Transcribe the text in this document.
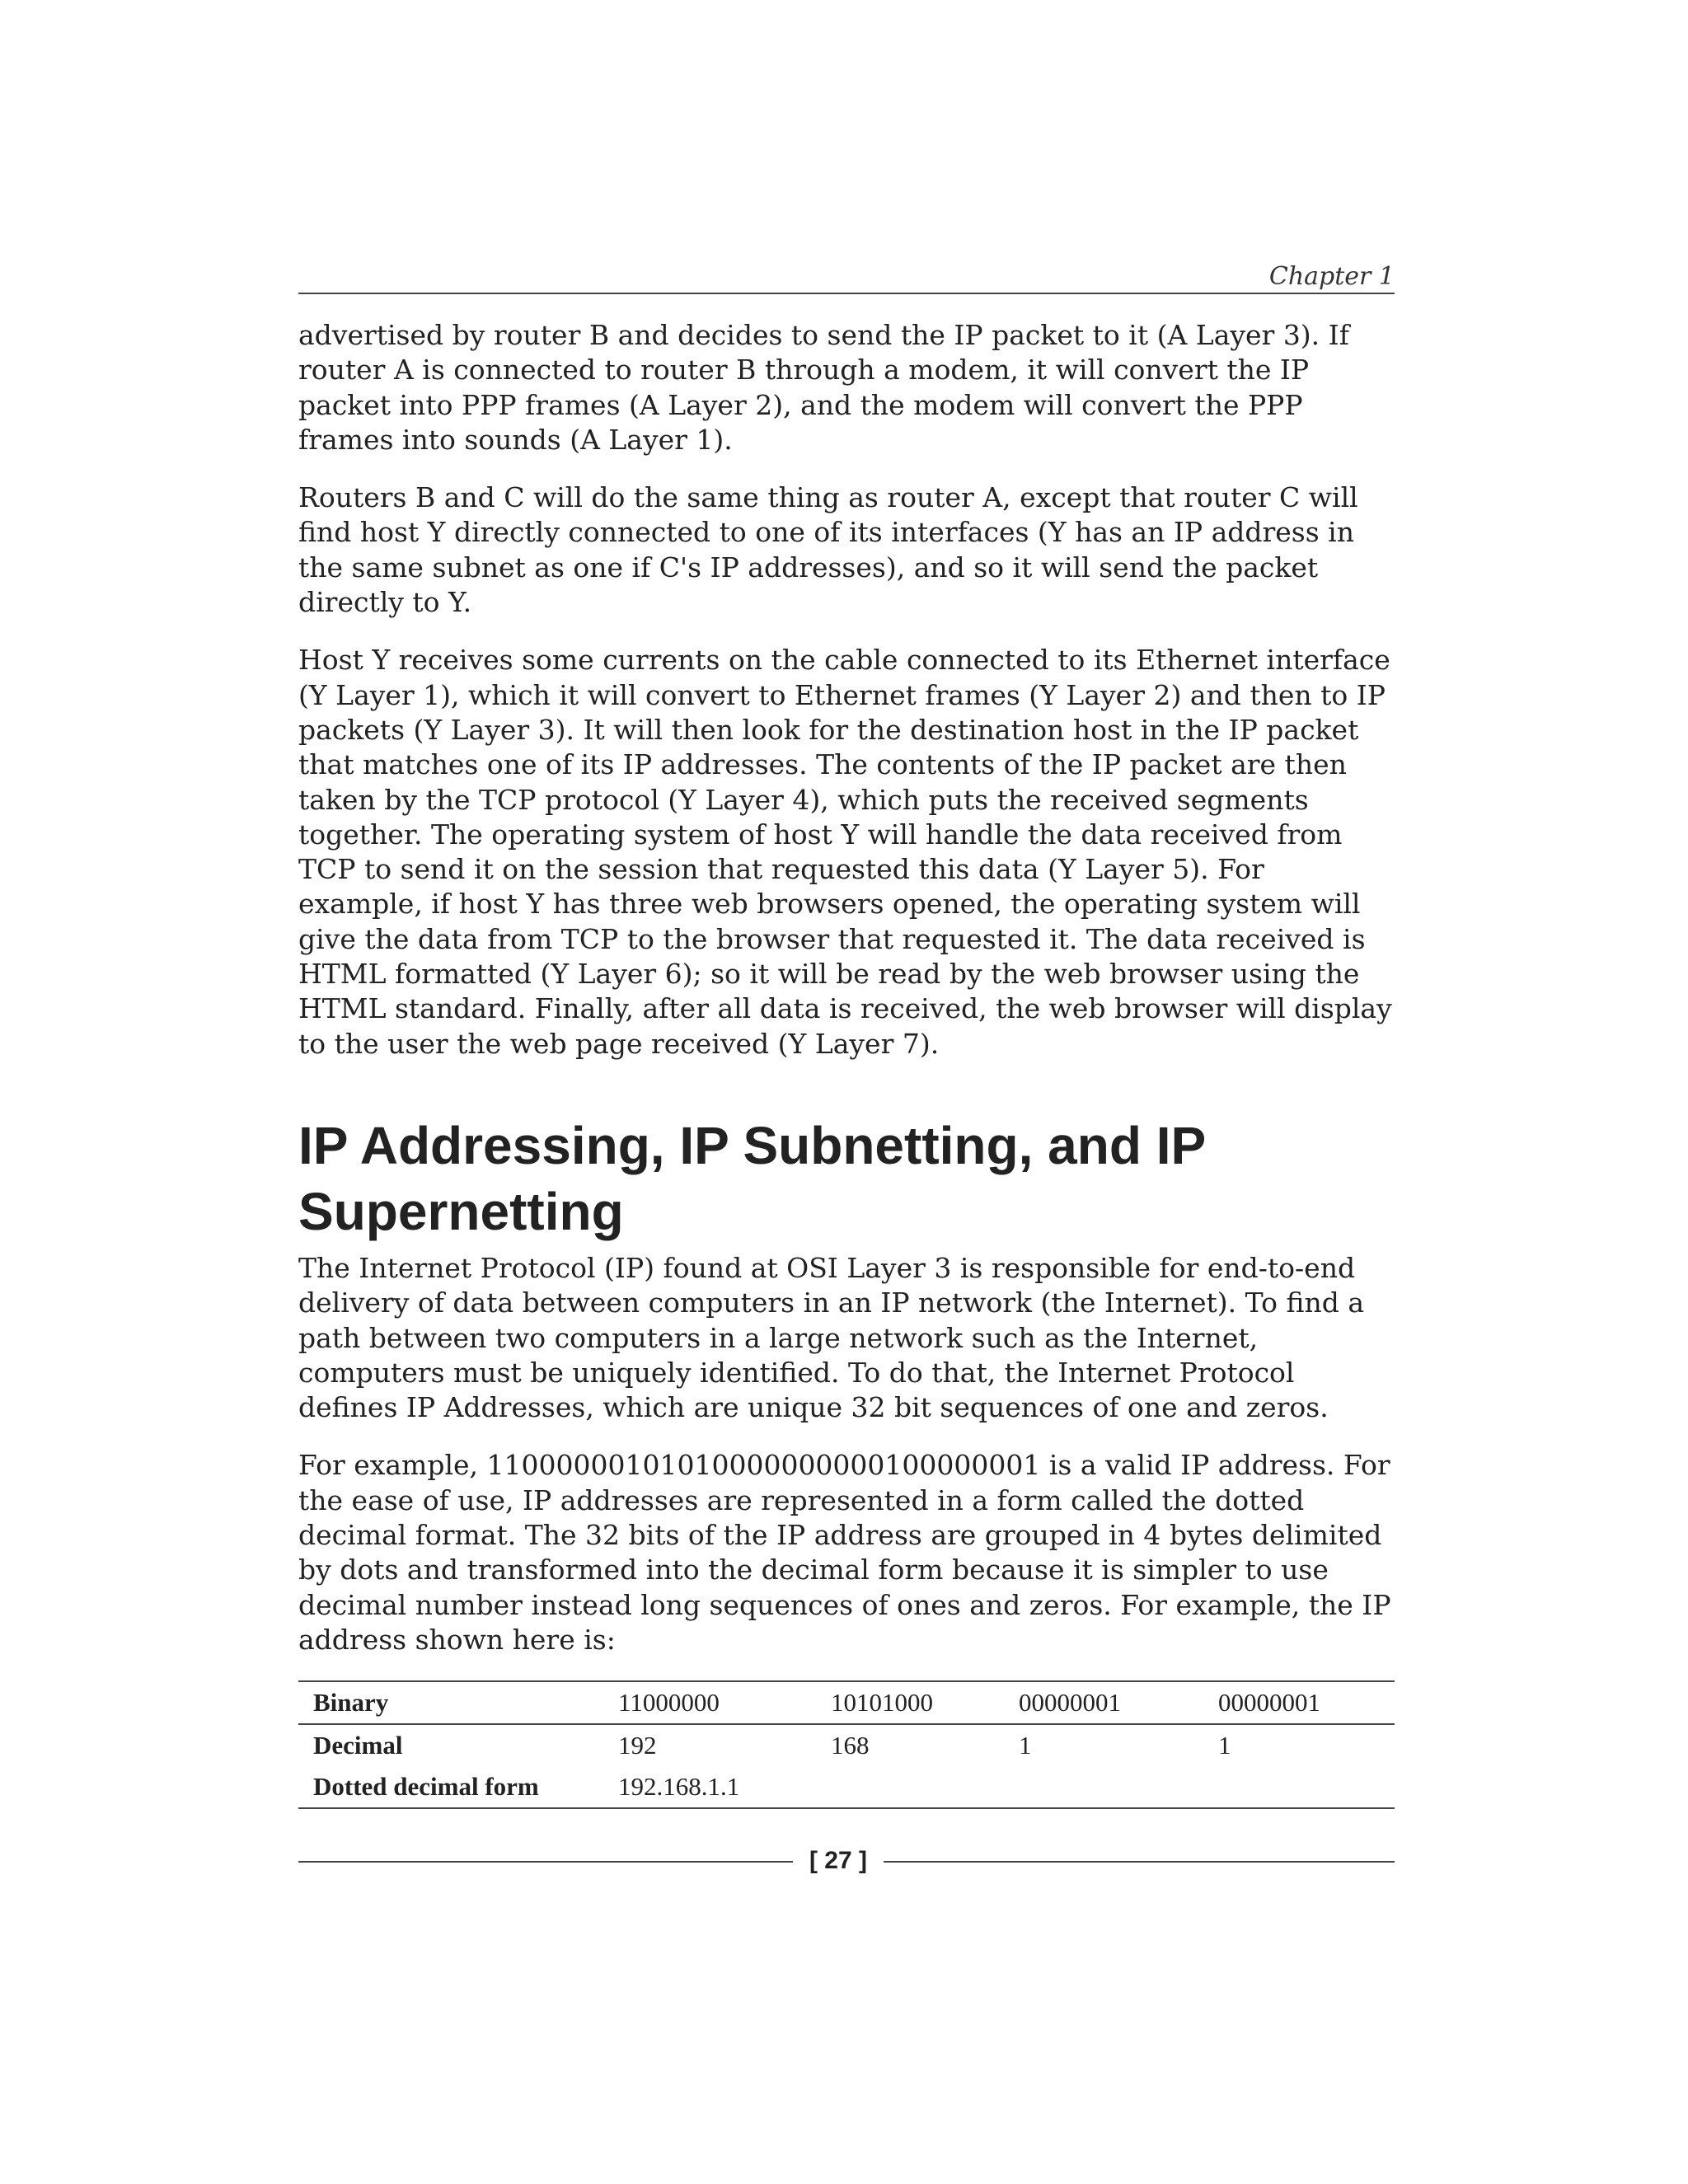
Chapter 1

advertised by router B and decides to send the IP packet to it (A Layer 3). If router A is connected to router B through a modem, it will convert the IP packet into PPP frames (A Layer 2), and the modem will convert the PPP frames into sounds (A Layer 1).

Routers B and C will do the same thing as router A, except that router C will find host Y directly connected to one of its interfaces (Y has an IP address in the same subnet as one if C's IP addresses), and so it will send the packet directly to Y.

Host Y receives some currents on the cable connected to its Ethernet interface (Y Layer 1), which it will convert to Ethernet frames (Y Layer 2) and then to IP packets (Y Layer 3). It will then look for the destination host in the IP packet that matches one of its IP addresses. The contents of the IP packet are then taken by the TCP protocol (Y Layer 4), which puts the received segments together. The operating system of host Y will handle the data received from TCP to send it on the session that requested this data (Y Layer 5). For example, if host Y has three web browsers opened, the operating system will give the data from TCP to the browser that requested it. The data received is HTML formatted (Y Layer 6); so it will be read by the web browser using the HTML standard. Finally, after all data is received, the web browser will display to the user the web page received (Y Layer 7).

IP Addressing, IP Subnetting, and IP Supernetting

The Internet Protocol (IP) found at OSI Layer 3 is responsible for end-to-end delivery of data between computers in an IP network (the Internet). To find a path between two computers in a large network such as the Internet, computers must be uniquely identified. To do that, the Internet Protocol defines IP Addresses, which are unique 32 bit sequences of one and zeros.

For example, 11000000101010000000000100000001 is a valid IP address. For the ease of use, IP addresses are represented in a form called the dotted decimal format. The 32 bits of the IP address are grouped in 4 bytes delimited by dots and transformed into the decimal form because it is simpler to use decimal number instead long sequences of ones and zeros. For example, the IP address shown here is:

Binary	11000000	10101000	00000001	00000001
Decimal	192	168	1	1
Dotted decimal form	192.168.1.1			
[ 27 ]
